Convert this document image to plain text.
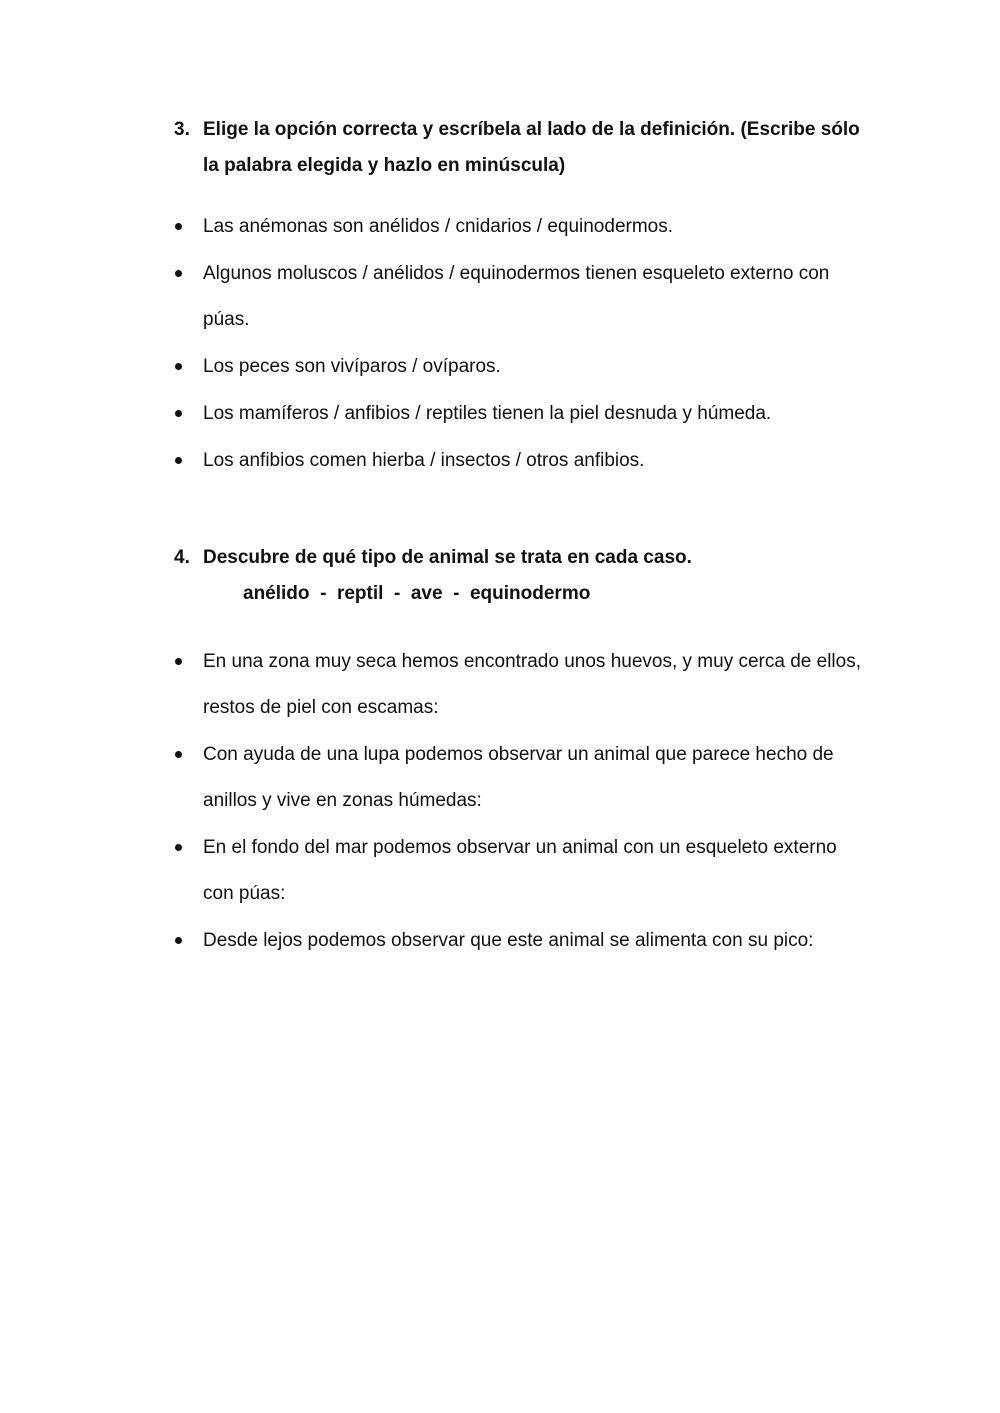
3. Elige la opción correcta y escríbela al lado de la definición. (Escribe sólo la palabra elegida y hazlo en minúscula)
Las anémonas son anélidos / cnidarios / equinodermos.
Algunos moluscos / anélidos / equinodermos tienen esqueleto externo con púas.
Los peces son vivíparos / ovíparos.
Los mamíferos / anfibios / reptiles tienen la piel desnuda y húmeda.
Los anfibios comen hierba / insectos / otros anfibios.
4. Descubre de qué tipo de animal se trata en cada caso.
anélido  -  reptil  -  ave  -  equinodermo
En una zona muy seca hemos encontrado unos huevos, y muy cerca de ellos, restos de piel con escamas:
Con ayuda de una lupa podemos observar un animal que parece hecho de anillos y vive en zonas húmedas:
En el fondo del mar podemos observar un animal con un esqueleto externo con púas:
Desde lejos podemos observar que este animal se alimenta con su pico:
